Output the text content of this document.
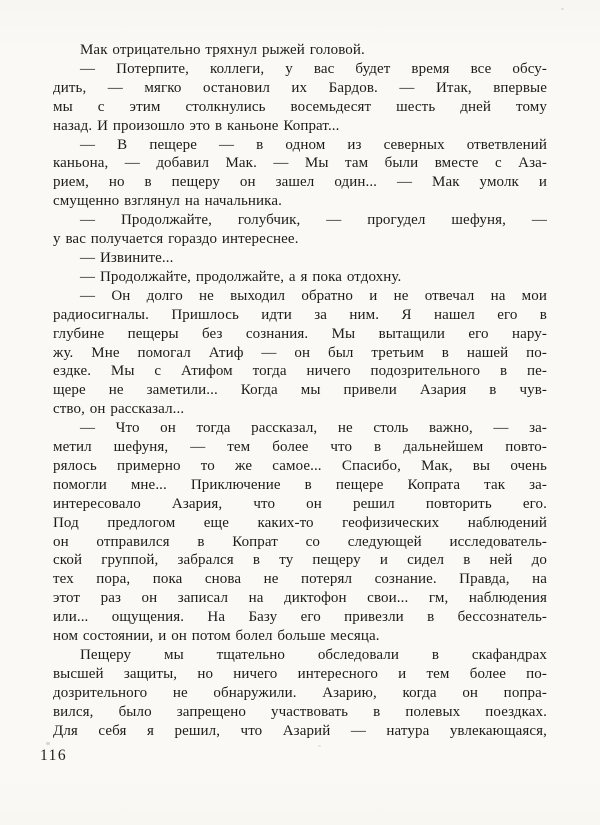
Мак отрицательно тряхнул рыжей головой.
— Потерпите, коллеги, у вас будет время все обсу-
дить, — мягко остановил их Бардов. — Итак, впервые
мы с этим столкнулись восемьдесят шесть дней тому
назад. И произошло это в каньоне Копрат...
— В пещере — в одном из северных ответвлений
каньона, — добавил Мак. — Мы там были вместе с Аза-
рием, но в пещеру он зашел один... — Мак умолк и
смущенно взглянул на начальника.
— Продолжайте, голубчик, — прогудел шефуня, —
у вас получается гораздо интереснее.
— Извините...
— Продолжайте, продолжайте, а я пока отдохну.
— Он долго не выходил обратно и не отвечал на мои
радиосигналы. Пришлось идти за ним. Я нашел его в
глубине пещеры без сознания. Мы вытащили его нару-
жу. Мне помогал Атиф — он был третьим в нашей по-
ездке. Мы с Атифом тогда ничего подозрительного в пе-
щере не заметили... Когда мы привели Азария в чув-
ство, он рассказал...
— Что он тогда рассказал, не столь важно, — за-
метил шефуня, — тем более что в дальнейшем повто-
рялось примерно то же самое... Спасибо, Мак, вы очень
помогли мне... Приключение в пещере Копрата так за-
интересовало Азария, что он решил повторить его.
Под предлогом еще каких-то геофизических наблюдений
он отправился в Копрат со следующей исследователь-
ской группой, забрался в ту пещеру и сидел в ней до
тех пора, пока снова не потерял сознание. Правда, на
этот раз он записал на диктофон свои... гм, наблюдения
или... ощущения. На Базу его привезли в бессознатель-
ном состоянии, и он потом болел больше месяца.
Пещеру мы тщательно обследовали в скафандрах
высшей защиты, но ничего интересного и тем более по-
дозрительного не обнаружили. Азарию, когда он попра-
вился, было запрещено участвовать в полевых поездках.
Для себя я решил, что Азарий — натура увлекающаяся,
116
